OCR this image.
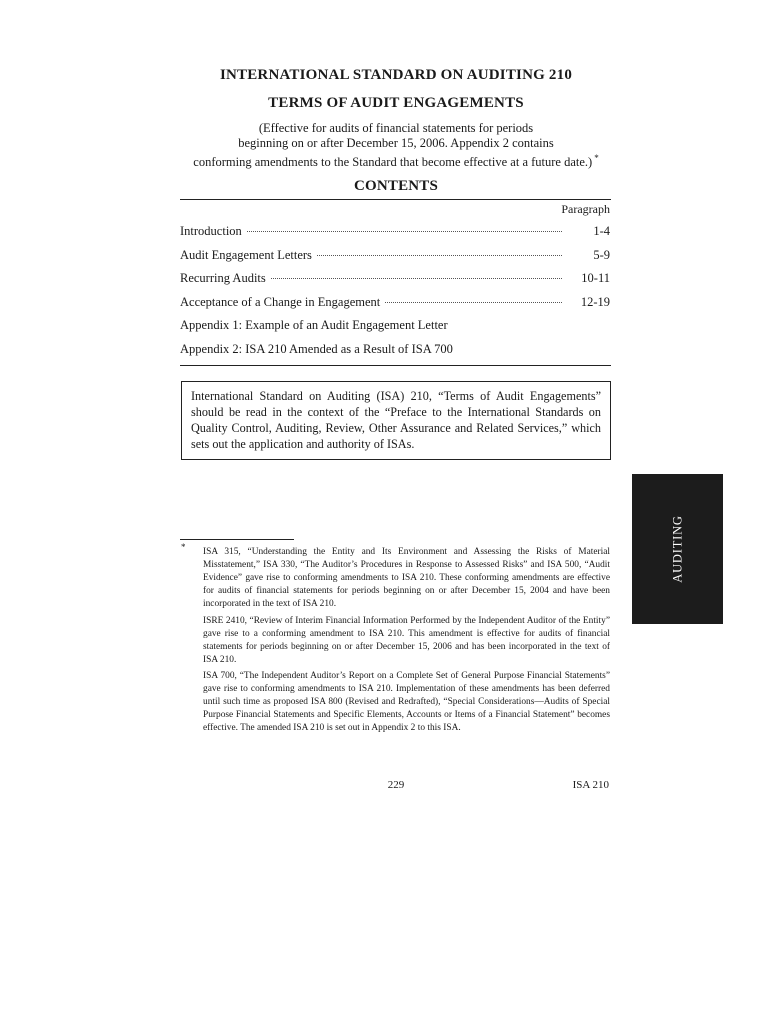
INTERNATIONAL STANDARD ON AUDITING 210
TERMS OF AUDIT ENGAGEMENTS
(Effective for audits of financial statements for periods
beginning on or after December 15, 2006. Appendix 2 contains
conforming amendments to the Standard that become effective at a future date.) *
CONTENTS
Paragraph
Introduction	1-4
Audit Engagement Letters	5-9
Recurring Audits	10-11
Acceptance of a Change in Engagement	12-19
Appendix 1: Example of an Audit Engagement Letter
Appendix 2: ISA 210 Amended as a Result of ISA 700
International Standard on Auditing (ISA) 210, “Terms of Audit Engagements” should be read in the context of the “Preface to the International Standards on Quality Control, Auditing, Review, Other Assurance and Related Services,” which sets out the application and authority of ISAs.
AUDITING
* ISA 315, “Understanding the Entity and Its Environment and Assessing the Risks of Material Misstatement,” ISA 330, “The Auditor’s Procedures in Response to Assessed Risks” and ISA 500, “Audit Evidence” gave rise to conforming amendments to ISA 210. These conforming amendments are effective for audits of financial statements for periods beginning on or after December 15, 2004 and have been incorporated in the text of ISA 210.
ISRE 2410, “Review of Interim Financial Information Performed by the Independent Auditor of the Entity” gave rise to a conforming amendment to ISA 210. This amendment is effective for audits of financial statements for periods beginning on or after December 15, 2006 and has been incorporated in the text of ISA 210.
ISA 700, “The Independent Auditor’s Report on a Complete Set of General Purpose Financial Statements” gave rise to conforming amendments to ISA 210. Implementation of these amendments has been deferred until such time as proposed ISA 800 (Revised and Redrafted), “Special Considerations—Audits of Special Purpose Financial Statements and Specific Elements, Accounts or Items of a Financial Statement” becomes effective. The amended ISA 210 is set out in Appendix 2 to this ISA.
229	ISA 210
